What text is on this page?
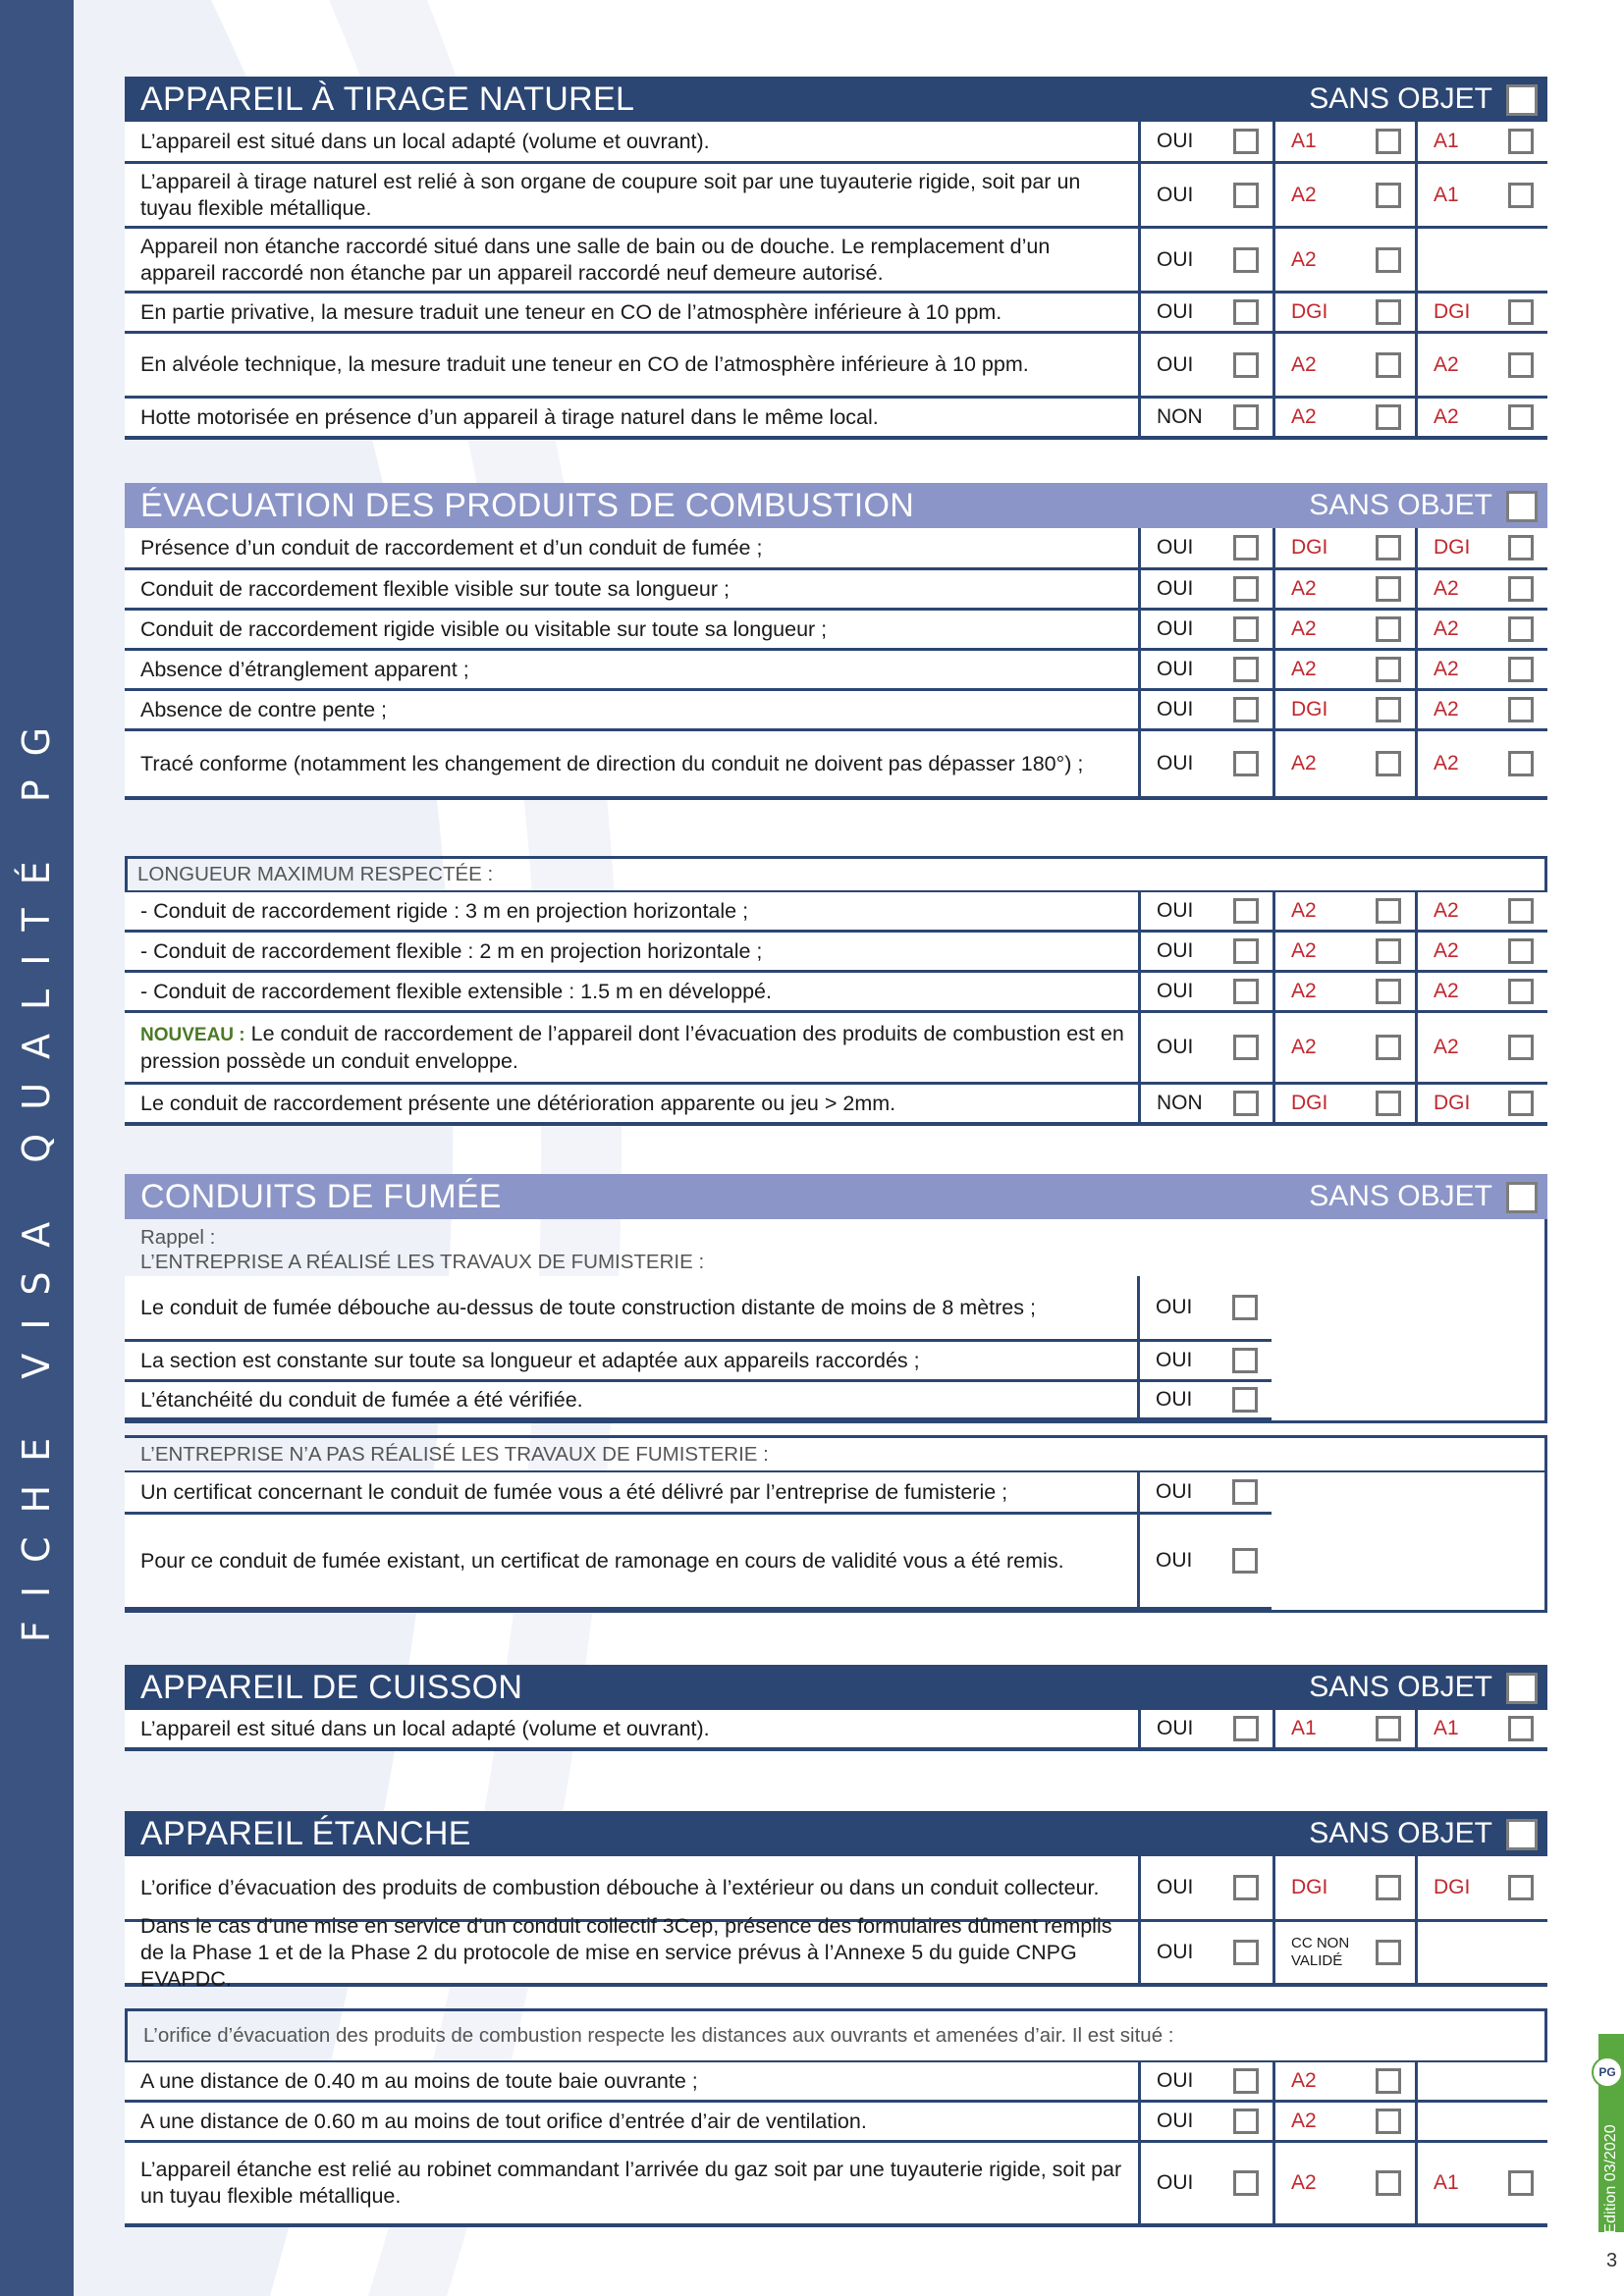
FICHE VISA QUALITÉ PG
APPAREIL À TIRAGE NATUREL	SANS OBJET
L’appareil est situé dans un local adapté (volume et ouvrant).	OUI	A1	A1
L’appareil à tirage naturel est relié à son organe de coupure soit par une tuyauterie rigide, soit par un tuyau flexible métallique.
OUI	A2	A1
Appareil non étanche raccordé situé dans une salle de bain ou de douche. Le remplacement d’un appareil raccordé non étanche par un appareil raccordé neuf demeure autorisé.
OUI	A2
En partie privative, la mesure traduit une teneur en CO de l’atmosphère inférieure à 10 ppm.	OUI	DGI	DGI
En alvéole technique, la mesure traduit une teneur en CO de l’atmosphère inférieure à 10 ppm.	OUI	A2	A2
Hotte motorisée en présence d’un appareil à tirage naturel dans le même local.	NON	A2	A2
ÉVACUATION DES PRODUITS DE COMBUSTION	SANS OBJET
Présence d’un conduit de raccordement et d’un conduit de fumée ;	OUI	DGI	DGI
Conduit de raccordement flexible visible sur toute sa longueur ;	OUI	A2	A2
Conduit de raccordement rigide visible ou visitable sur toute sa longueur ;	OUI	A2	A2
Absence d’étranglement apparent ;	OUI	A2	A2
Absence de contre pente ;	OUI	DGI	A2
Tracé conforme (notamment les changement de direction du conduit ne doivent pas dépasser 180°) ;	OUI	A2	A2
LONGUEUR MAXIMUM RESPECTÉE :
- Conduit de raccordement rigide : 3 m en projection horizontale ;	OUI	A2	A2
- Conduit de raccordement flexible : 2 m en projection horizontale ;	OUI	A2	A2
- Conduit de raccordement flexible extensible : 1.5 m en développé.	OUI	A2	A2
NOUVEAU : Le conduit de raccordement de l’appareil dont l’évacuation des produits de combustion est en pression possède un conduit enveloppe.
OUI	A2	A2
Le conduit de raccordement présente une détérioration apparente ou jeu > 2mm.	NON	DGI	DGI
CONDUITS DE FUMÉE	SANS OBJET
Rappel :
L’ENTREPRISE A RÉALISÉ LES TRAVAUX DE FUMISTERIE :
Le conduit de fumée débouche au-dessus de toute construction distante de moins de 8 mètres ;	OUI
La section est constante sur toute sa longueur et adaptée aux appareils raccordés ;	OUI
L’étanchéité du conduit de fumée a été vérifiée.	OUI
L’ENTREPRISE N’A PAS RÉALISÉ LES TRAVAUX DE FUMISTERIE :
Un certificat concernant le conduit de fumée vous a été délivré par l’entreprise de fumisterie ;	OUI
Pour ce conduit de fumée existant, un certificat de ramonage en cours de validité vous a été remis.	OUI
APPAREIL DE CUISSON	SANS OBJET
L’appareil est situé dans un local adapté (volume et ouvrant).	OUI	A1	A1
APPAREIL ÉTANCHE	SANS OBJET
L’orifice d’évacuation des produits de combustion débouche à l’extérieur ou dans un conduit collecteur.	OUI	DGI	DGI
Dans le cas d’une mise en service d’un conduit collectif 3Cep, présence des formulaires dûment remplis de la Phase 1 et de la Phase 2 du protocole de mise en service prévus à l’Annexe 5 du guide CNPG EVAPDC.
OUI	CC NON VALIDÉ
L’orifice d’évacuation des produits de combustion respecte les distances aux ouvrants et amenées d’air. Il est situé :
A une distance de 0.40 m au moins de toute baie ouvrante ;	OUI	A2
A une distance de 0.60 m au moins de tout orifice d’entrée d’air de ventilation.	OUI	A2
L’appareil étanche est relié au robinet commandant l’arrivée du gaz soit par une tuyauterie rigide, soit par un tuyau flexible métallique.
OUI	A2	A1
PG
Edition 03/2020
3
